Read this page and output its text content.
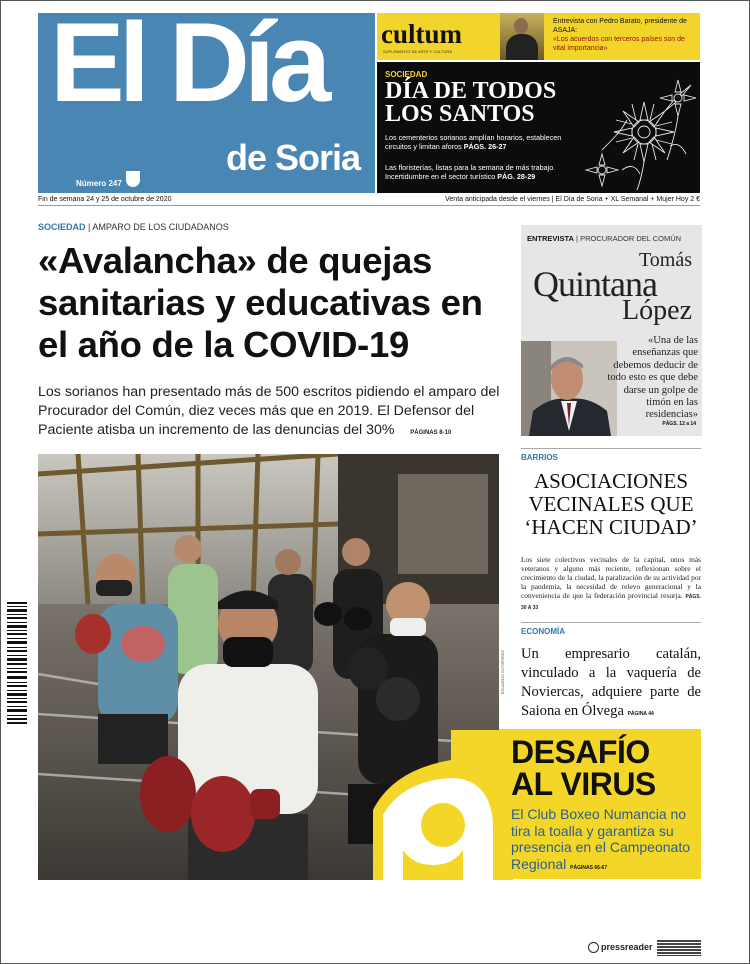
El Día
de Soria
Número 247
cultum
SUPLEMENTO DE ARTE Y CULTURA
Entrevista con Pedro Barato, presidente de ASAJA:
«Los acuerdos con terceros países son de vital importancia»
SOCIEDAD
DÍA DE TODOS LOS SANTOS
Los cementerios sorianos amplían horarios, establecen circuitos y limitan aforos PÁGS. 26-27
Las floristerías, listas para la semana de más trabajo. Incertidumbre en el sector turístico PÁG. 28-29
Fin de semana 24 y 25 de octubre de 2020	Venta anticipada desde el viernes | El Día de Soria + XL Semanal + Mujer Hoy 2 €
SOCIEDAD | AMPARO DE LOS CIUDADANOS
«Avalancha» de quejas sanitarias y educativas en el año de la COVID-19
Los sorianos han presentado más de 500 escritos pidiendo el amparo del Procurador del Común, diez veces más que en 2019. El Defensor del Paciente atisba un incremento de las denuncias del 30%	PÁGINAS 8-10
EDUARDO GUTIÉRREZ
ENTREVISTA | PROCURADOR DEL COMÚN
Tomás
Quintana
López
«Una de las enseñanzas que debemos deducir de todo esto es que debe darse un golpe de timón en las residencias»
PÁGS. 12 a 14
BARRIOS
ASOCIACIONES VECINALES QUE ‘HACEN CIUDAD’
Los siete colectivos vecinales de la capital, unos más veteranos y alguno más reciente, reflexionan sobre el crecimiento de la ciudad, la paralización de su actividad por la pandemia, la necesidad de relevo generacional y la conveniencia de que la federación provincial resurja. PÁGS. 30 A 33
ECONOMÍA
Un empresario catalán, vinculado a la vaquería de Noviercas, adquiere parte de Saiona en Ólvega PÁGINA 44
DESAFÍO
AL VIRUS
El Club Boxeo Numancia no tira la toalla y garantiza su presencia en el Campeonato Regional PÁGINAS 66-67
pressreader
